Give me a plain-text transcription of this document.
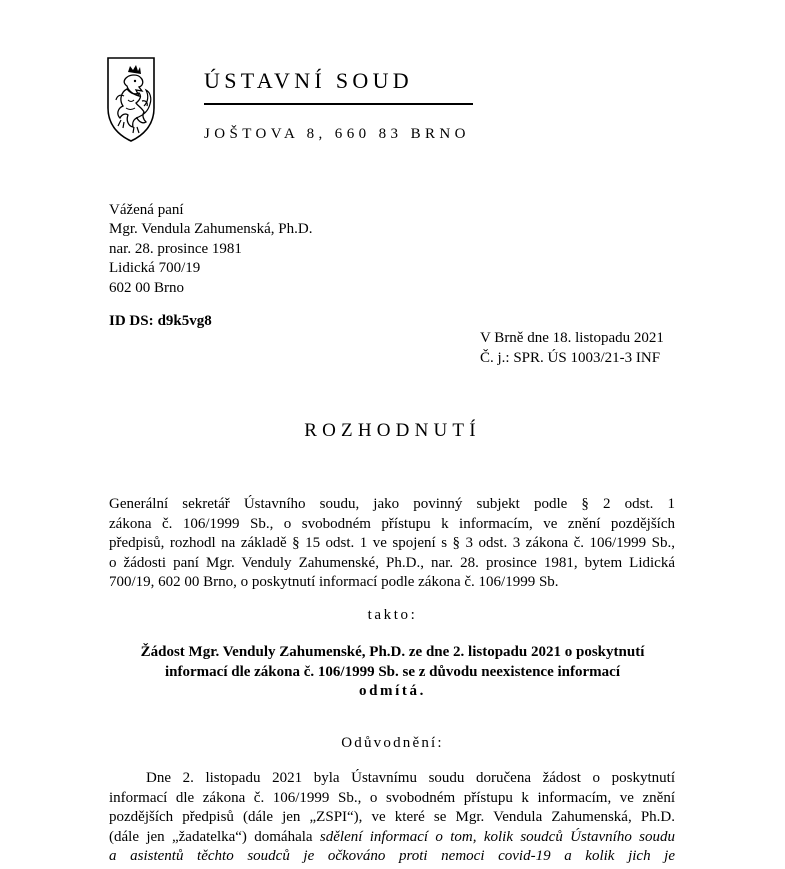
ÚSTAVNÍ SOUD
JOŠTOVA 8, 660 83 BRNO
Vážená paní
Mgr. Vendula Zahumenská, Ph.D.
nar. 28. prosince 1981
Lidická 700/19
602 00 Brno
ID DS: d9k5vg8
V Brně dne 18. listopadu 2021
Č. j.: SPR. ÚS 1003/21-3 INF
ROZHODNUTÍ
Generální sekretář Ústavního soudu, jako povinný subjekt podle § 2 odst. 1
zákona č. 106/1999 Sb., o svobodném přístupu k informacím, ve znění pozdějších
předpisů, rozhodl na základě § 15 odst. 1 ve spojení s § 3 odst. 3 zákona č. 106/1999 Sb.,
o žádosti paní Mgr. Venduly Zahumenské, Ph.D., nar. 28. prosince 1981, bytem Lidická
700/19, 602 00 Brno, o poskytnutí informací podle zákona č. 106/1999 Sb.
takto:
Žádost Mgr. Venduly Zahumenské, Ph.D. ze dne 2. listopadu 2021 o poskytnutí
informací dle zákona č. 106/1999 Sb. se z důvodu neexistence informací
odmítá.
Odůvodnění:
Dne 2. listopadu 2021 byla Ústavnímu soudu doručena žádost o poskytnutí
informací dle zákona č. 106/1999 Sb., o svobodném přístupu k informacím, ve znění
pozdějších předpisů (dále jen „ZSPI“), ve které se Mgr. Vendula Zahumenská, Ph.D.
(dále jen „žadatelka“) domáhala sdělení informací o tom, kolik soudců Ústavního soudu
a asistentů těchto soudců je očkováno proti nemoci covid-19 a kolik jich je
